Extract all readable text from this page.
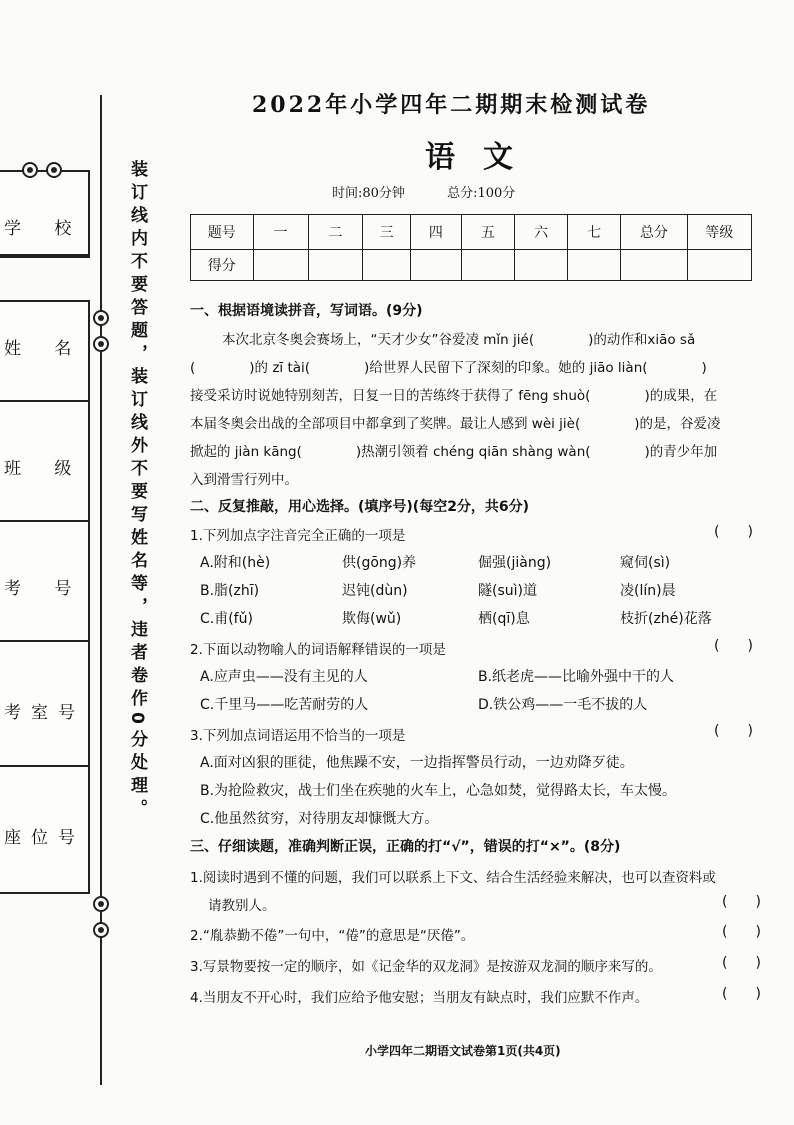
学 校
姓 名
班 级
考 号
考室号
座位号
装订线内不要答题，装订线外不要写姓名等，违者卷作0分处理。
2022年小学四年二期期末检测试卷
语文
时间:80分钟	总分:100分
题号	一	二	三	四	五	六	七	总分	等级
得分									
一、根据语境读拼音，写词语。(9分)
本次北京冬奥会赛场上，“天才少女”谷爱凌 mǐn jié(　　　　)的动作和xiāo sǎ
(　　　　)的 zī tài(　　　　)给世界人民留下了深刻的印象。她的 jiāo liàn(　　　　)
接受采访时说她特别刻苦，日复一日的苦练终于获得了 fēng shuò(　　　　)的成果，在
本届冬奥会出战的全部项目中都拿到了奖牌。最让人感到 wèi jiè(　　　　)的是，谷爱凌
掀起的 jiàn kāng(　　　　)热潮引领着 chéng qiān shàng wàn(　　　　)的青少年加
入到滑雪行列中。
二、反复推敲，用心选择。(填序号)(每空2分，共6分)
1.下列加点字注音完全正确的一项是	(　　)
A.附和(hè)	供(gōng)养	倔强(jiàng)	窥伺(sì)
B.脂(zhī)	迟钝(dùn)	隧(suì)道	凌(lín)晨
C.甫(fǔ)	欺侮(wǔ)	栖(qī)息	枝折(zhé)花落
2.下面以动物喻人的词语解释错误的一项是	(　　)
A.应声虫——没有主见的人	B.纸老虎——比喻外强中干的人
C.千里马——吃苦耐劳的人	D.铁公鸡——一毛不拔的人
3.下列加点词语运用不恰当的一项是	(　　)
A.面对凶狠的匪徒，他焦躁不安，一边指挥警员行动，一边劝降歹徒。
B.为抢险救灾，战士们坐在疾驰的火车上，心急如焚，觉得路太长，车太慢。
C.他虽然贫穷，对待朋友却慷慨大方。
三、仔细读题，准确判断正误，正确的打“√”，错误的打“×”。(8分)
1.阅读时遇到不懂的问题，我们可以联系上下文、结合生活经验来解决，也可以查资料或
请教别人。	(　　)
2.“胤恭勤不倦”一句中，“倦”的意思是“厌倦”。	(　　)
3.写景物要按一定的顺序，如《记金华的双龙洞》是按游双龙洞的顺序来写的。	(　　)
4.当朋友不开心时，我们应给予他安慰；当朋友有缺点时，我们应默不作声。	(　　)
小学四年二期语文试卷第1页(共4页)
